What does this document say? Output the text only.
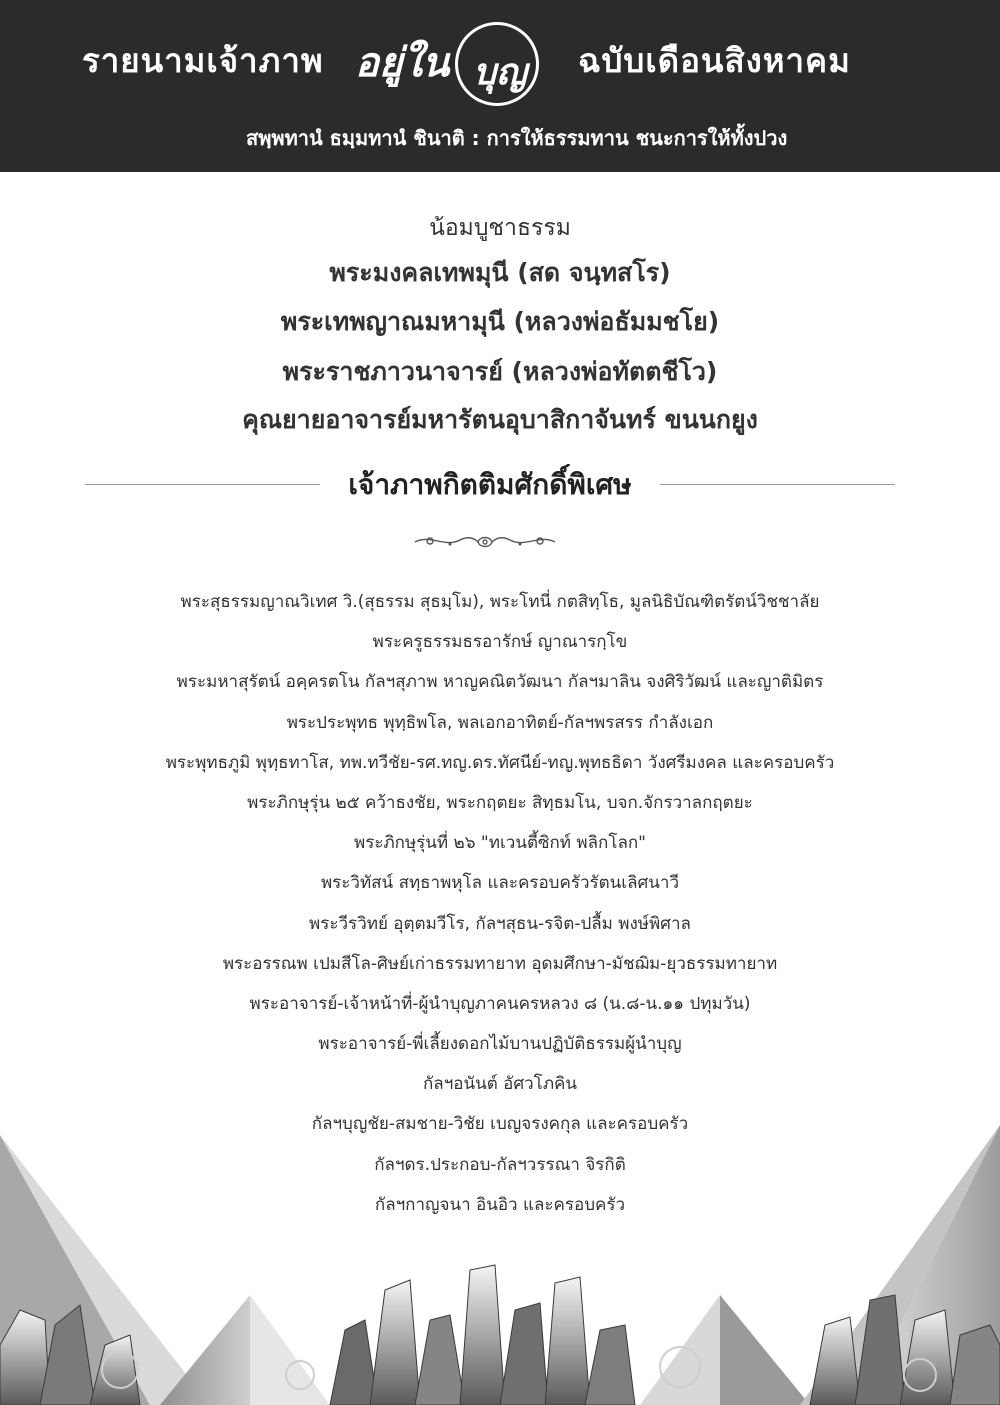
รายนามเจ้าภาพ	ฉบับเดือนสิงหาคม
อยู่ใน บุญ
สพฺพทานํ ธมฺมทานํ ชินาติ : การให้ธรรมทาน ชนะการให้ทั้งปวง
น้อมบูชาธรรม
พระมงคลเทพมุนี (สด จนฺทสโร)
พระเทพญาณมหามุนี (หลวงพ่อธัมมชโย)
พระราชภาวนาจารย์ (หลวงพ่อทัตตชีโว)
คุณยายอาจารย์มหารัตนอุบาสิกาจันทร์ ขนนกยูง
เจ้าภาพกิตติมศักดิ์พิเศษ
พระสุธรรมญาณวิเทศ วิ.(สุธรรม สุธมฺโม), พระโทนี่ กตสิทฺโธ, มูลนิธิบัณฑิตรัตน์วิชชาลัย
พระครูธรรมธรอารักษ์ ญาณารกฺโข
พระมหาสุรัตน์ อคฺครตโน กัลฯสุภาพ หาญคณิตวัฒนา กัลฯมาลิน จงศิริวัฒน์ และญาติมิตร
พระประพุทธ พุทฺธิพโล, พลเอกอาทิตย์-กัลฯพรสรร กำลังเอก
พระพุทธภูมิ พุทฺธทาโส, ทพ.ทวีชัย-รศ.ทญ.ดร.ทัศนีย์-ทญ.พุทธธิดา วังศรีมงคล และครอบครัว
พระภิกษุรุ่น ๒๕ คว้าธงชัย, พระกฤตยะ สิทฺธมโน, บจก.จักรวาลกฤตยะ
พระภิกษุรุ่นที่ ๒๖ "ทเวนตี้ซิกท์ พลิกโลก"
พระวิทัสน์ สทฺธาพหุโล และครอบครัวรัตนเลิศนาวี
พระวีรวิทย์ อุตฺตมวีโร, กัลฯสุธน-รจิต-ปลื้ม พงษ์พิศาล
พระอรรณพ เปมสีโล-ศิษย์เก่าธรรมทายาท อุดมศึกษา-มัชฌิม-ยุวธรรมทายาท
พระอาจารย์-เจ้าหน้าที่-ผู้นำบุญภาคนครหลวง ๘ (น.๘-น.๑๑ ปทุมวัน)
พระอาจารย์-พี่เลี้ยงดอกไม้บานปฏิบัติธรรมผู้นำบุญ
กัลฯอนันต์ อัศวโภคิน
กัลฯบุญชัย-สมชาย-วิชัย เบญจรงคกุล และครอบครัว
กัลฯดร.ประกอบ-กัลฯวรรณา จิรกิติ
กัลฯกาญจนา อินอิว และครอบครัว
